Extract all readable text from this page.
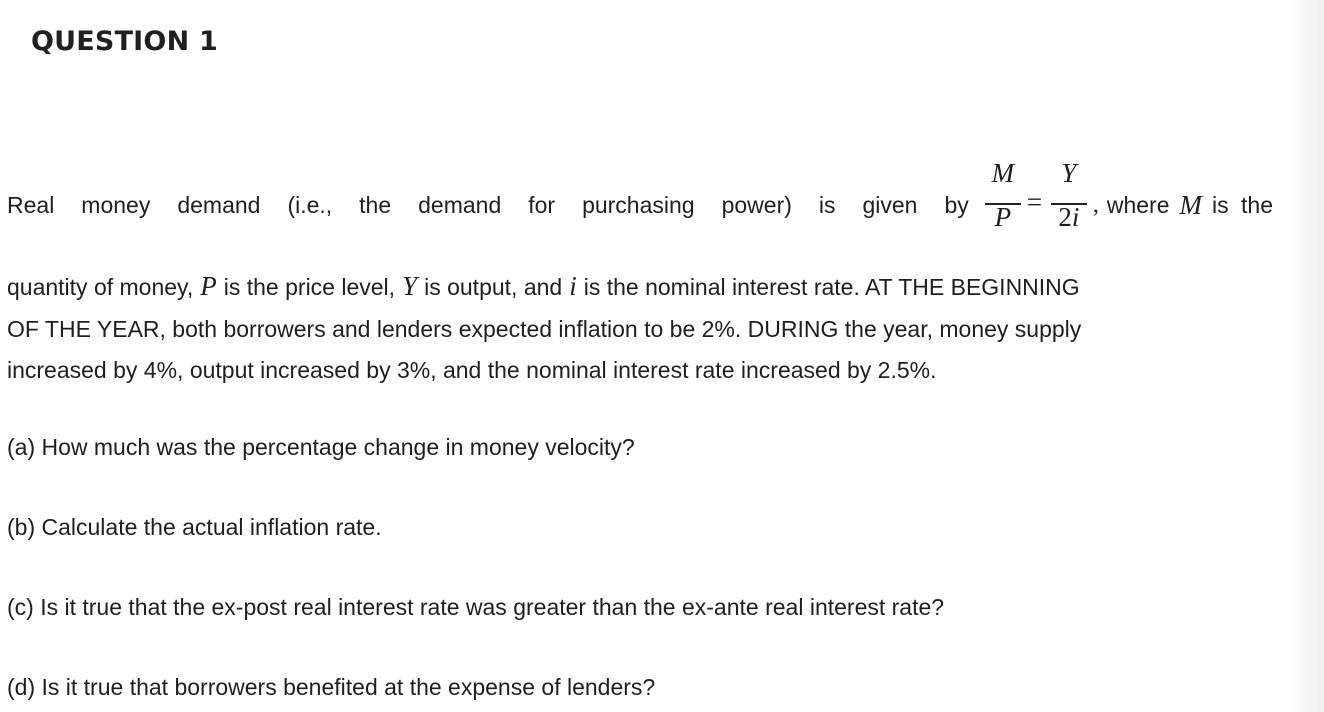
QUESTION 1
Real money demand (i.e., the demand for purchasing power) is given by
M
P =
Y
2i , where M is the
quantity of money, P is the price level, Y is output, and i is the nominal interest rate. AT THE BEGINNING
OF THE YEAR, both borrowers and lenders expected inflation to be 2%. DURING the year, money supply
increased by 4%, output increased by 3%, and the nominal interest rate increased by 2.5%.
(a) How much was the percentage change in money velocity?
(b) Calculate the actual inflation rate.
(c) Is it true that the ex-post real interest rate was greater than the ex-ante real interest rate?
(d) Is it true that borrowers benefited at the expense of lenders?
